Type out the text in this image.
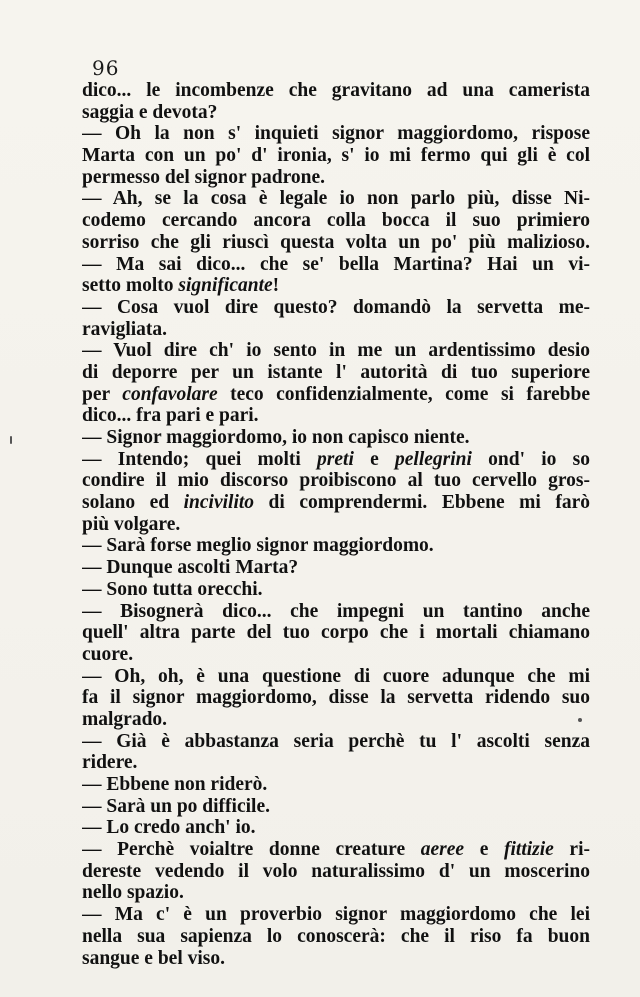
96
dico... le incombenze che gravitano ad una camerista
saggia e devota?
— Oh la non s' inquieti signor maggiordomo, rispose
Marta con un po' d' ironia, s' io mi fermo qui gli è col
permesso del signor padrone.
— Ah, se la cosa è legale io non parlo più, disse Ni-
codemo cercando ancora colla bocca il suo primiero
sorriso che gli riuscì questa volta un po' più malizioso.
— Ma sai dico... che se' bella Martina? Hai un vi-
setto molto significante!
— Cosa vuol dire questo? domandò la servetta me-
ravigliata.
— Vuol dire ch' io sento in me un ardentissimo desio
di deporre per un istante l' autorità di tuo superiore
per confavolare teco confidenzialmente, come si farebbe
dico... fra pari e pari.
— Signor maggiordomo, io non capisco niente.
— Intendo; quei molti preti e pellegrini ond' io so
condire il mio discorso proibiscono al tuo cervello gros-
solano ed incivilito di comprendermi. Ebbene mi farò
più volgare.
— Sarà forse meglio signor maggiordomo.
— Dunque ascolti Marta?
— Sono tutta orecchi.
— Bisognerà dico... che impegni un tantino anche
quell' altra parte del tuo corpo che i mortali chiamano
cuore.
— Oh, oh, è una questione di cuore adunque che mi
fa il signor maggiordomo, disse la servetta ridendo suo
malgrado.
— Già è abbastanza seria perchè tu l' ascolti senza
ridere.
— Ebbene non riderò.
— Sarà un po difficile.
— Lo credo anch' io.
— Perchè voialtre donne creature aeree e fittizie ri-
dereste vedendo il volo naturalissimo d' un moscerino
nello spazio.
— Ma c' è un proverbio signor maggiordomo che lei
nella sua sapienza lo conoscerà: che il riso fa buon
sangue e bel viso.
